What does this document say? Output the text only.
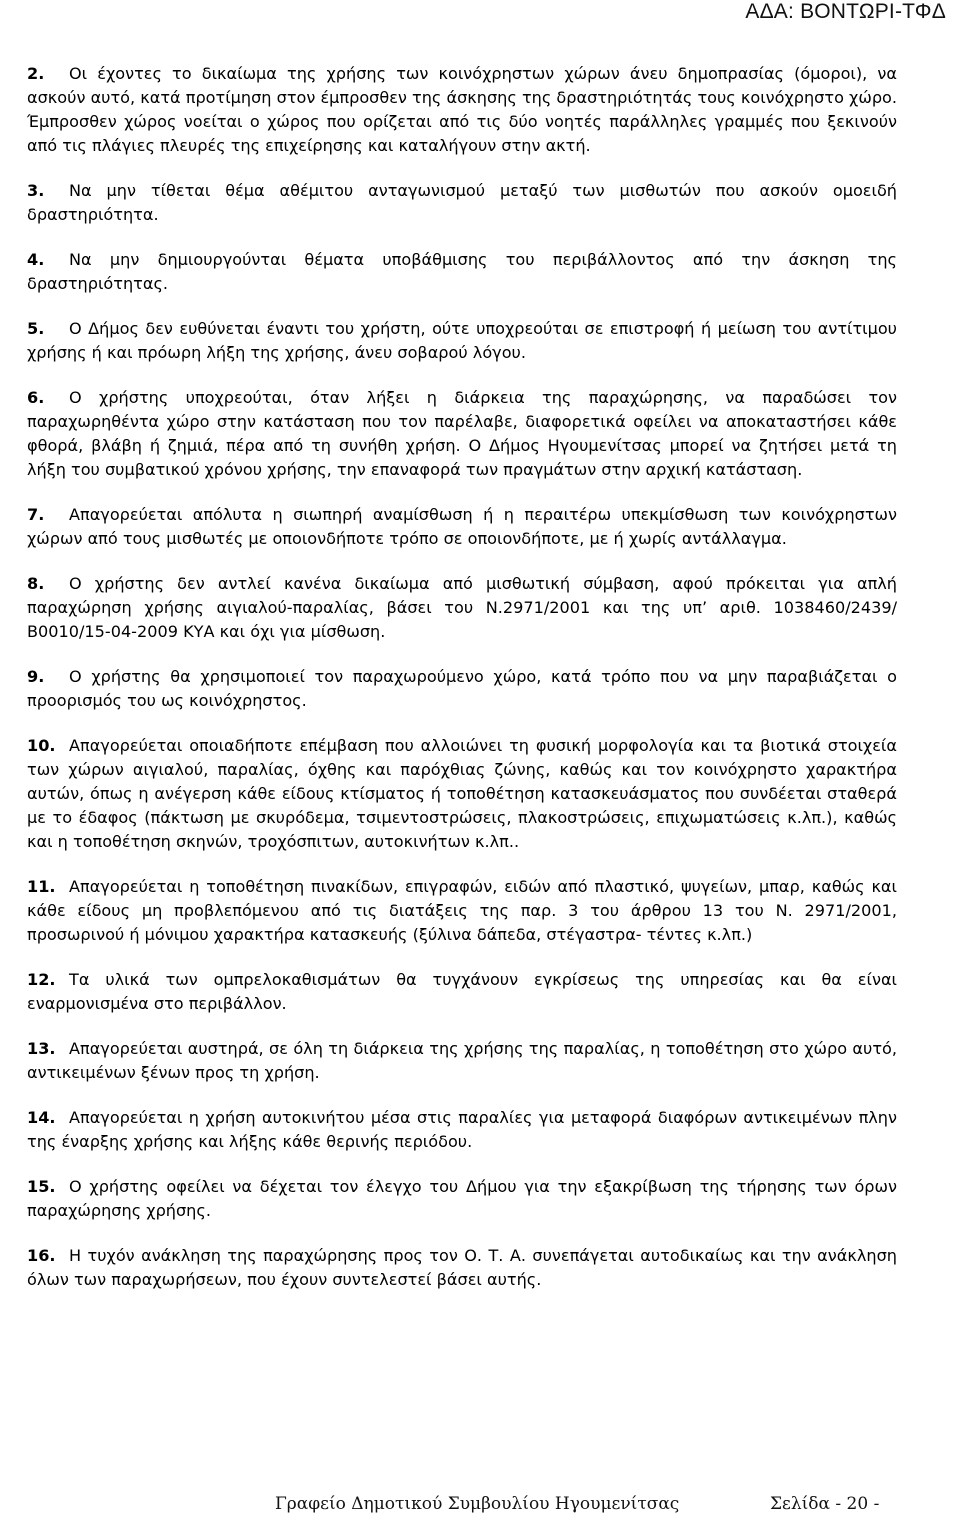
ΑΔΑ: ΒΟΝΤΩΡΙ-ΤΦΔ

2. Οι έχοντες το δικαίωμα της χρήσης των κοινόχρηστων χώρων άνευ δημοπρασίας (όμοροι), να ασκούν αυτό, κατά προτίμηση στον έμπροσθεν της άσκησης της δραστηριότητάς τους κοινόχρηστο χώρο. Έμπροσθεν χώρος νοείται ο χώρος που ορίζεται από τις δύο νοητές παράλληλες γραμμές που ξεκινούν από τις πλάγιες πλευρές της επιχείρησης και καταλήγουν στην ακτή.

3. Να μην τίθεται θέμα αθέμιτου ανταγωνισμού μεταξύ των μισθωτών που ασκούν ομοειδή δραστηριότητα.

4. Να μην δημιουργούνται θέματα υποβάθμισης του περιβάλλοντος από την άσκηση της δραστηριότητας.

5. Ο Δήμος δεν ευθύνεται έναντι του χρήστη, ούτε υποχρεούται σε επιστροφή ή μείωση του αντίτιμου χρήσης ή και πρόωρη λήξη της χρήσης, άνευ σοβαρού λόγου.

6. Ο χρήστης υποχρεούται, όταν λήξει η διάρκεια της παραχώρησης, να παραδώσει τον παραχωρηθέντα χώρο στην κατάσταση που τον παρέλαβε, διαφορετικά οφείλει να αποκαταστήσει κάθε φθορά, βλάβη ή ζημιά, πέρα από τη συνήθη χρήση. Ο Δήμος Ηγουμενίτσας μπορεί να ζητήσει μετά τη λήξη του συμβατικού χρόνου χρήσης, την επαναφορά των πραγμάτων στην αρχική κατάσταση.

7. Απαγορεύεται απόλυτα η σιωπηρή αναμίσθωση ή η περαιτέρω υπεκμίσθωση των κοινόχρηστων χώρων από τους μισθωτές με οποιονδήποτε τρόπο σε οποιονδήποτε, με ή χωρίς αντάλλαγμα.

8. Ο χρήστης δεν αντλεί κανένα δικαίωμα από μισθωτική σύμβαση, αφού πρόκειται για απλή παραχώρηση χρήσης αιγιαλού-παραλίας, βάσει του Ν.2971/2001 και της υπ’ αριθ. 1038460/2439/Β0010/15-04-2009 ΚΥΑ και όχι για μίσθωση.

9. Ο χρήστης θα χρησιμοποιεί τον παραχωρούμενο χώρο, κατά τρόπο που να μην παραβιάζεται ο προορισμός του ως κοινόχρηστος.

10. Απαγορεύεται οποιαδήποτε επέμβαση που αλλοιώνει τη φυσική μορφολογία και τα βιοτικά στοιχεία των χώρων αιγιαλού, παραλίας, όχθης και παρόχθιας ζώνης, καθώς και τον κοινόχρηστο χαρακτήρα αυτών, όπως η ανέγερση κάθε είδους κτίσματος ή τοποθέτηση κατασκευάσματος που συνδέεται σταθερά με το έδαφος (πάκτωση με σκυρόδεμα, τσιμεντοστρώσεις, πλακοστρώσεις, επιχωματώσεις κ.λπ.), καθώς και η τοποθέτηση σκηνών, τροχόσπιτων, αυτοκινήτων κ.λπ..

11. Απαγορεύεται η τοποθέτηση πινακίδων, επιγραφών, ειδών από πλαστικό, ψυγείων, μπαρ, καθώς και κάθε είδους μη προβλεπόμενου από τις διατάξεις της παρ. 3 του άρθρου 13 του Ν. 2971/2001, προσωρινού ή μόνιμου χαρακτήρα κατασκευής (ξύλινα δάπεδα, στέγαστρα- τέντες κ.λπ.)

12. Τα υλικά των ομπρελοκαθισμάτων θα τυγχάνουν εγκρίσεως της υπηρεσίας και θα είναι εναρμονισμένα στο περιβάλλον.

13. Απαγορεύεται αυστηρά, σε όλη τη διάρκεια της χρήσης της παραλίας, η τοποθέτηση στο χώρο αυτό, αντικειμένων ξένων προς τη χρήση.

14. Απαγορεύεται η χρήση αυτοκινήτου μέσα στις παραλίες για μεταφορά διαφόρων αντικειμένων πλην της έναρξης χρήσης και λήξης κάθε θερινής περιόδου.

15. Ο χρήστης οφείλει να δέχεται τον έλεγχο του Δήμου για την εξακρίβωση της τήρησης των όρων παραχώρησης χρήσης.

16. Η τυχόν ανάκληση της παραχώρησης προς τον Ο. Τ. Α. συνεπάγεται αυτοδικαίως και την ανάκληση όλων των παραχωρήσεων, που έχουν συντελεστεί βάσει αυτής.

Γραφείο Δημοτικού Συμβουλίου Ηγουμενίτσας	Σελίδα - 20 -
